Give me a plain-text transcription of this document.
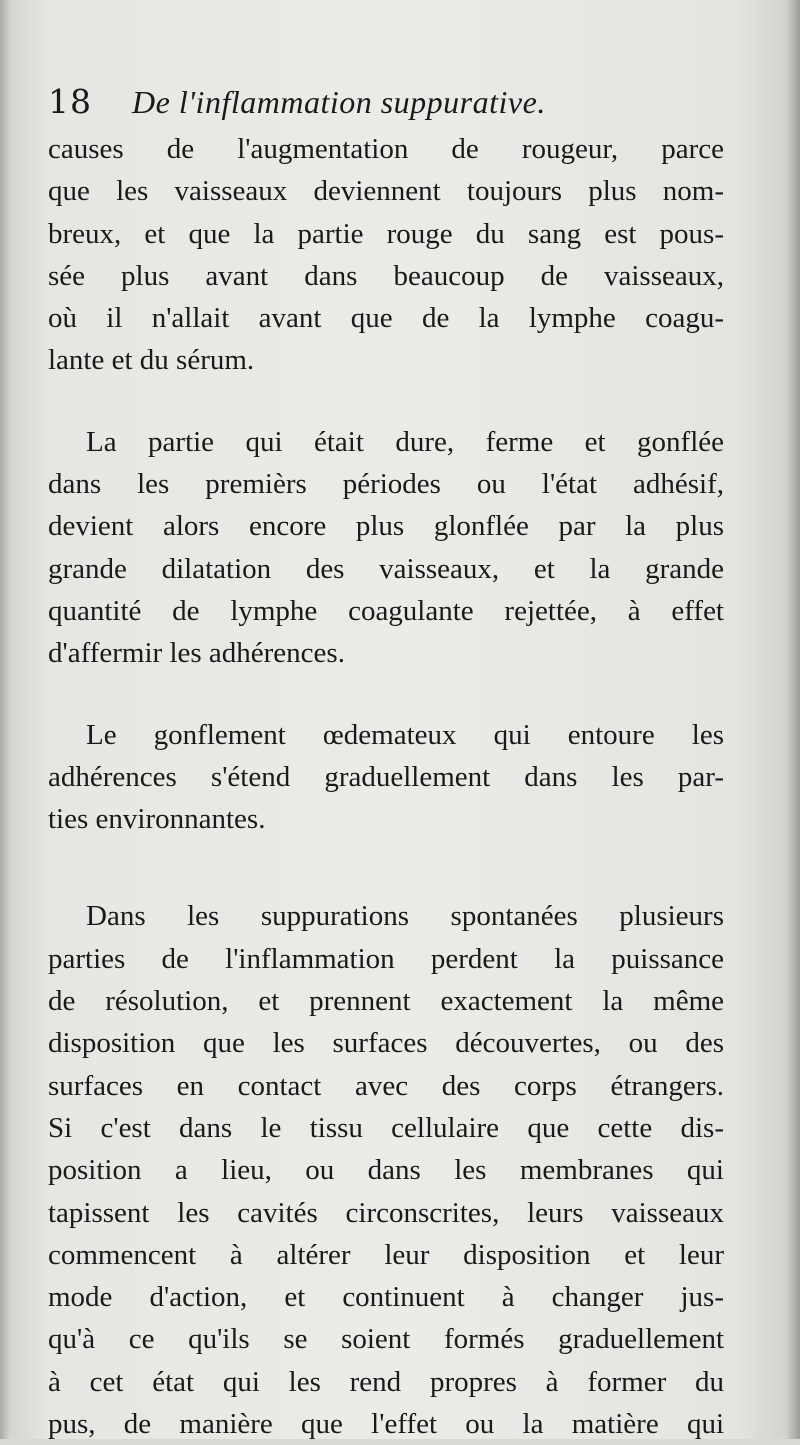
18 De l'inflammation suppurative.

causes de l'augmentation de rougeur, parce
que les vaisseaux deviennent toujours plus nom-
breux, et que la partie rouge du sang est pous-
sée plus avant dans beaucoup de vaisseaux,
où il n'allait avant que de la lymphe coagu-
lante et du sérum.

La partie qui était dure, ferme et gonflée
dans les premièrs périodes ou l'état adhésif,
devient alors encore plus glonflée par la plus
grande dilatation des vaisseaux, et la grande
quantité de lymphe coagulante rejettée, à effet
d'affermir les adhérences.

Le gonflement œdemateux qui entoure les
adhérences s'étend graduellement dans les par-
ties environnantes.

Dans les suppurations spontanées plusieurs
parties de l'inflammation perdent la puissance
de résolution, et prennent exactement la même
disposition que les surfaces découvertes, ou des
surfaces en contact avec des corps étrangers.
Si c'est dans le tissu cellulaire que cette dis-
position a lieu, ou dans les membranes qui
tapissent les cavités circonscrites, leurs vaisseaux
commencent à altérer leur disposition et leur
mode d'action, et continuent à changer jus-
qu'à ce qu'ils se soient formés graduellement
à cet état qui les rend propres à former du
pus, de manière que l'effet ou la matière qui
